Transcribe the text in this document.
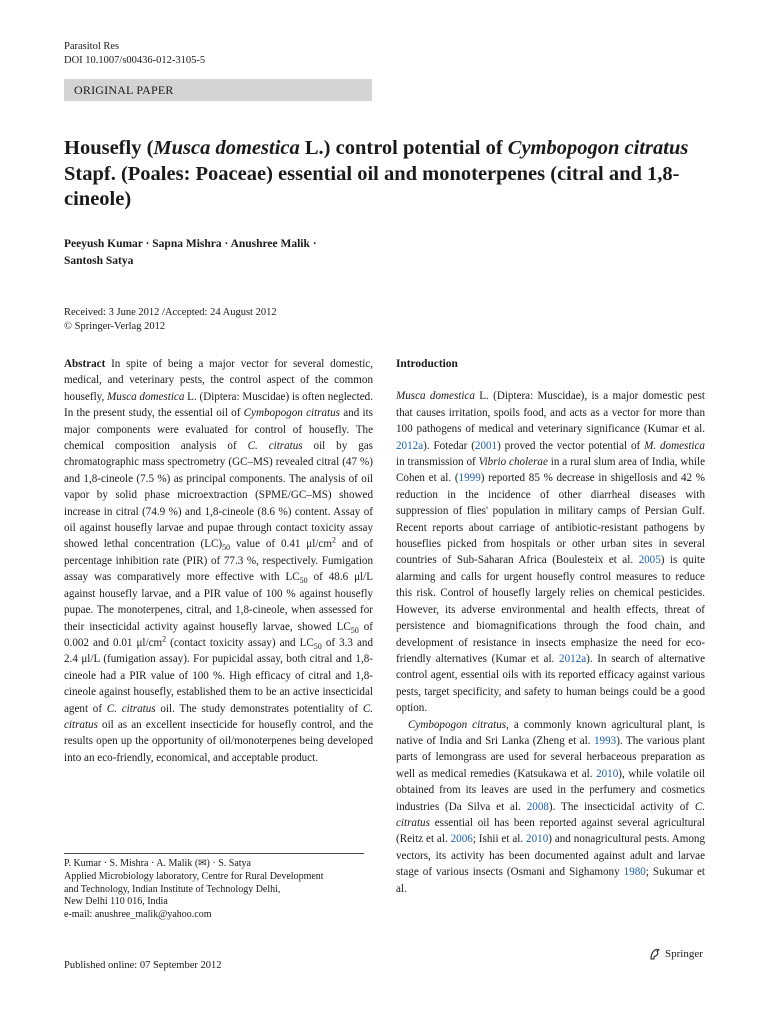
Parasitol Res
DOI 10.1007/s00436-012-3105-5
ORIGINAL PAPER
Housefly (Musca domestica L.) control potential of Cymbopogon citratus Stapf. (Poales: Poaceae) essential oil and monoterpenes (citral and 1,8-cineole)
Peeyush Kumar · Sapna Mishra · Anushree Malik ·
Santosh Satya
Received: 3 June 2012 /Accepted: 24 August 2012
© Springer-Verlag 2012

Abstract In spite of being a major vector for several domestic, medical, and veterinary pests, the control aspect of the common housefly, Musca domestica L. (Diptera: Muscidae) is often neglected. In the present study, the essential oil of Cymbopogon citratus and its major components were evaluated for control of housefly. The chemical composition analysis of C. citratus oil by gas chromatographic mass spectrometry (GC–MS) revealed citral (47 %) and 1,8-cineole (7.5 %) as principal components. The analysis of oil vapor by solid phase microextraction (SPME/GC–MS) showed increase in citral (74.9 %) and 1,8-cineole (8.6 %) content. Assay of oil against housefly larvae and pupae through contact toxicity assay showed lethal concentration $(LC)_{50}$ value of 0.41 $\mu l/cm^2$ and of percentage inhibition rate (PIR) of 77.3 %, respectively. Fumigation assay was comparatively more effective with $LC_{50}$ of 48.6 μl/L against housefly larvae, and a PIR value of 100 % against housefly pupae. The monoterpenes, citral, and 1,8-cineole, when assessed for their insecticidal activity against housefly larvae, showed $LC_{50}$ of 0.002 and 0.01 $\mu l/cm^2$ (contact toxicity assay) and $LC_{50}$ of 3.3 and 2.4 μl/L (fumigation assay). For pupicidal assay, both citral and 1,8-cineole had a PIR value of 100 %. High efficacy of citral and 1,8-cineole against housefly, established them to be an active insecticidal agent of C. citratus oil. The study demonstrates potentiality of C. citratus oil as an excellent insecticide for housefly control, and the results open up the opportunity of oil/monoterpenes being developed into an eco-friendly, economical, and acceptable product.

P. Kumar · S. Mishra · A. Malik (✉) · S. Satya
Applied Microbiology laboratory, Centre for Rural Development
and Technology, Indian Institute of Technology Delhi,
New Delhi 110 016, India
e-mail: anushree_malik@yahoo.com
Introduction

Musca domestica L. (Diptera: Muscidae), is a major domestic pest that causes irritation, spoils food, and acts as a vector for more than 100 pathogens of medical and veterinary significance (Kumar et al. 2012a). Fotedar (2001) proved the vector potential of M. domestica in transmission of Vibrio cholerae in a rural slum area of India, while Cohen et al. (1999) reported 85 % decrease in shigellosis and 42 % reduction in the incidence of other diarrheal diseases with suppression of flies' population in military camps of Persian Gulf. Recent reports about carriage of antibiotic-resistant pathogens by houseflies picked from hospitals or other urban sites in several countries of Sub-Saharan Africa (Boulesteix et al. 2005) is quite alarming and calls for urgent housefly control measures to reduce this risk. Control of housefly largely relies on chemical pesticides. However, its adverse environmental and health effects, threat of persistence and biomagnifications through the food chain, and development of resistance in insects emphasize the need for eco-friendly alternatives (Kumar et al. 2012a). In search of alternative control agent, essential oils with its reported efficacy against various pests, target specificity, and safety to human beings could be a good option.

Cymbopogon citratus, a commonly known agricultural plant, is native of India and Sri Lanka (Zheng et al. 1993). The various plant parts of lemongrass are used for several herbaceous preparation as well as medical remedies (Katsukawa et al. 2010), while volatile oil obtained from its leaves are used in the perfumery and cosmetics industries (Da Silva et al. 2008). The insecticidal activity of C. citratus essential oil has been reported against several agricultural (Reitz et al. 2006; Ishii et al. 2010) and nonagricultural pests. Among vectors, its activity has been documented against adult and larvae stage of various insects (Osmani and Sighamony 1980; Sukumar et al.

Published online: 07 September 2012
Springer
